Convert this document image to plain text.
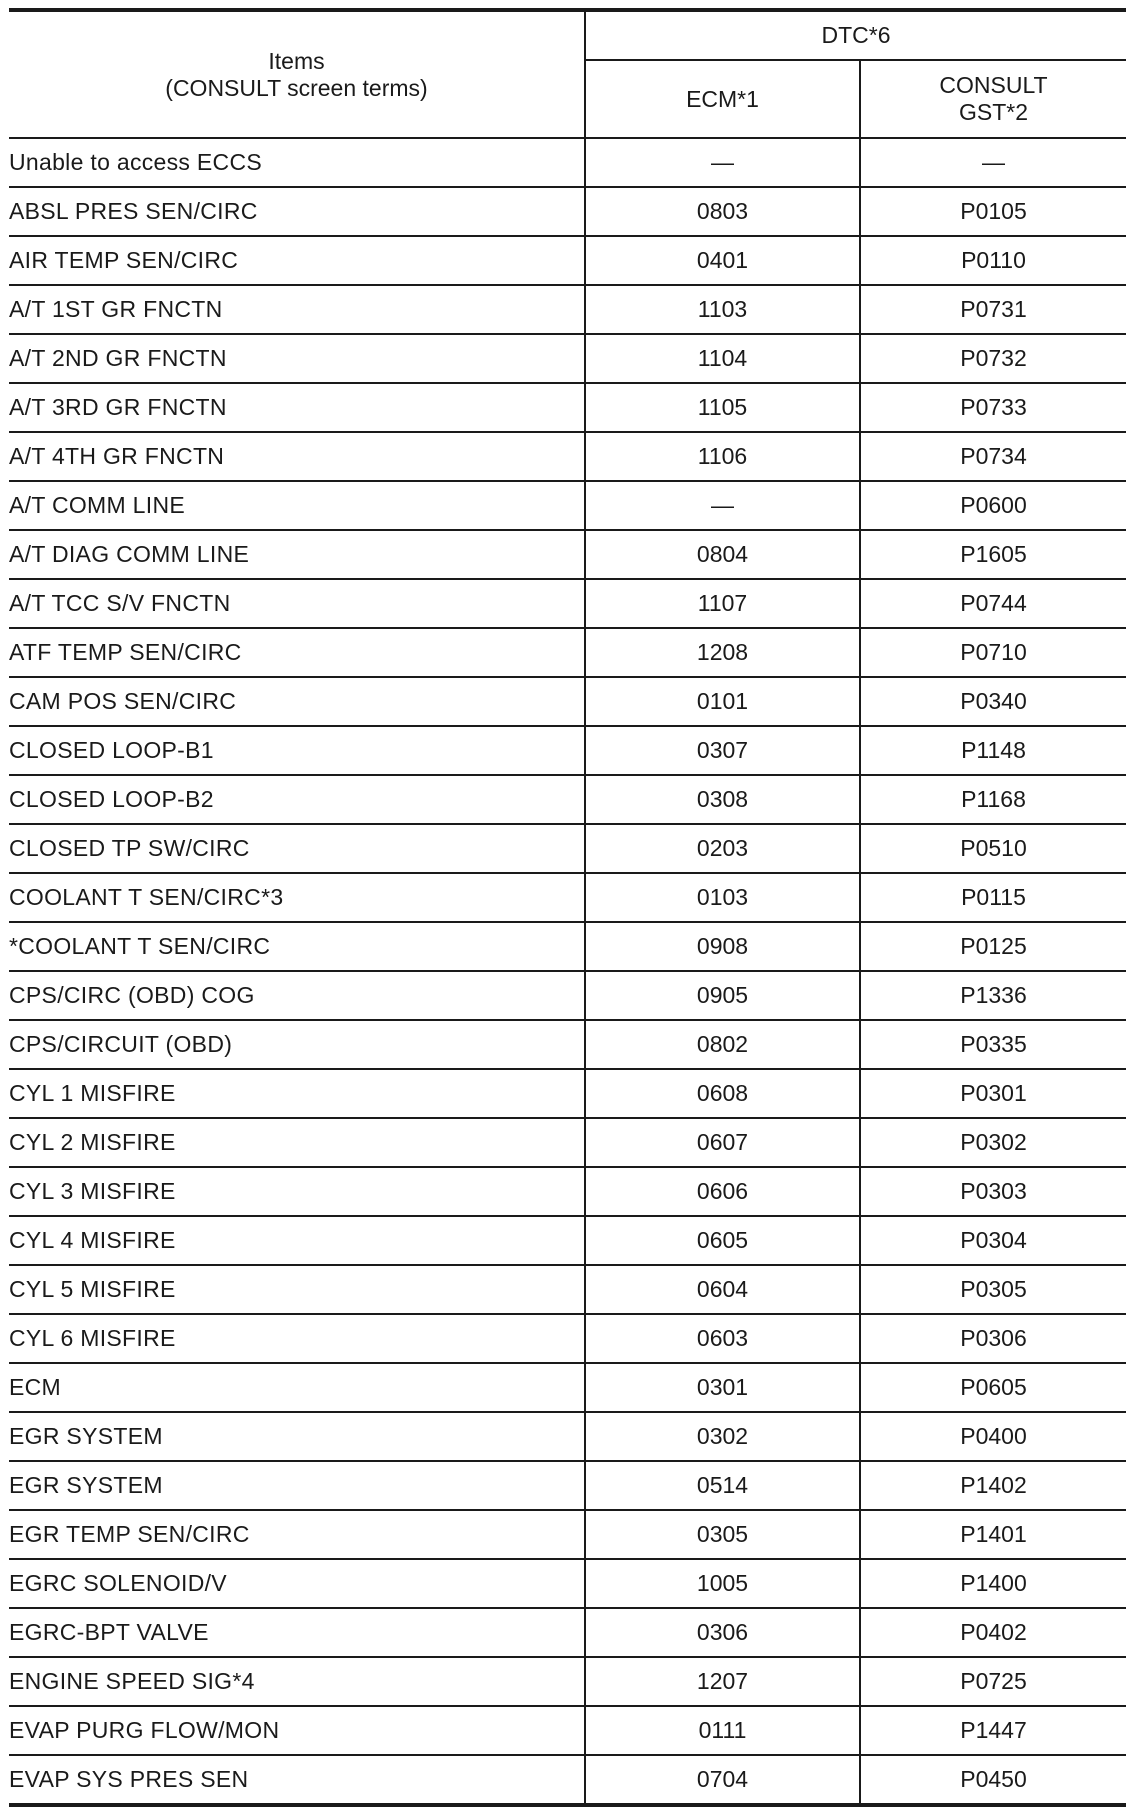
Items
(CONSULT screen terms)	DTC*6	

	ECM*1	CONSULT
GST*2

Unable to access ECCS	—	—
ABSL PRES SEN/CIRC	0803	P0105
AIR TEMP SEN/CIRC	0401	P0110
A/T 1ST GR FNCTN	1103	P0731
A/T 2ND GR FNCTN	1104	P0732
A/T 3RD GR FNCTN	1105	P0733
A/T 4TH GR FNCTN	1106	P0734
A/T COMM LINE	—	P0600
A/T DIAG COMM LINE	0804	P1605
A/T TCC S/V FNCTN	1107	P0744
ATF TEMP SEN/CIRC	1208	P0710
CAM POS SEN/CIRC	0101	P0340
CLOSED LOOP-B1	0307	P1148
CLOSED LOOP-B2	0308	P1168
CLOSED TP SW/CIRC	0203	P0510
COOLANT T SEN/CIRC*3	0103	P0115
*COOLANT T SEN/CIRC	0908	P0125
CPS/CIRC (OBD) COG	0905	P1336
CPS/CIRCUIT (OBD)	0802	P0335
CYL 1 MISFIRE	0608	P0301
CYL 2 MISFIRE	0607	P0302
CYL 3 MISFIRE	0606	P0303
CYL 4 MISFIRE	0605	P0304
CYL 5 MISFIRE	0604	P0305
CYL 6 MISFIRE	0603	P0306
ECM	0301	P0605
EGR SYSTEM	0302	P0400
EGR SYSTEM	0514	P1402
EGR TEMP SEN/CIRC	0305	P1401
EGRC SOLENOID/V	1005	P1400
EGRC-BPT VALVE	0306	P0402
ENGINE SPEED SIG*4	1207	P0725
EVAP PURG FLOW/MON	0111	P1447
EVAP SYS PRES SEN	0704	P0450
